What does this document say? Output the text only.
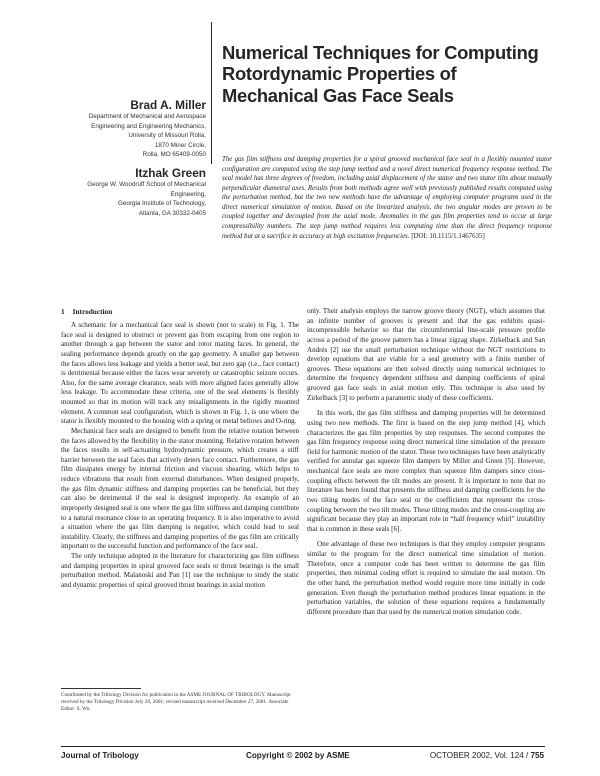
Numerical Techniques for Computing Rotordynamic Properties of Mechanical Gas Face Seals
Brad A. Miller
Department of Mechanical and Aerospace
Engineering and Engineering Mechanics,
University of Missouri Rolla,
1870 Miner Circle,
Rolla, MO 65409-0050
Itzhak Green
George W. Woodruff School of Mechanical
Engineering,
Georgia Institute of Technology,
Atlanta, GA 30332-0405
The gas film stiffness and damping properties for a spiral grooved mechanical face seal in a flexibly mounted stator configuration are computed using the step jump method and a novel direct numerical frequency response method. The seal model has three degrees of freedom, including axial displacement of the stator and two stator tilts about mutually perpendicular diametral axes. Results from both methods agree well with previously published results computed using the perturbation method, but the two new methods have the advantage of employing computer programs used in the direct numerical simulation of motion. Based on the linearized analysis, the two angular modes are proven to be coupled together and decoupled from the axial mode. Anomalies in the gas film properties tend to occur at large compressibility numbers. The step jump method requires less computing time than the direct frequency response method but at a sacrifice in accuracy at high excitation frequencies. [DOI: 10.1115/1.1467635]
1 Introduction

A schematic for a mechanical face seal is shown (not to scale) in Fig. 1. The face seal is designed to obstruct or prevent gas from escaping from one region to another through a gap between the stator and rotor mating faces. In general, the sealing performance depends greatly on the gap geometry. A smaller gap between the faces allows less leakage and yields a better seal, but zero gap (i.e., face contact) is detrimental because either the faces wear severely or catastrophic seizure occurs. Also, for the same average clearance, seals with more aligned faces generally allow less leakage. To accommodate these criteria, one of the seal elements is flexibly mounted so that its motion will track any misalignments in the rigidly mounted element. A common seal configuration, which is shown in Fig. 1, is one where the stator is flexibly mounted to the housing with a spring or metal bellows and O-ring.

Mechanical face seals are designed to benefit from the relative rotation between the faces allowed by the flexibility in the stator mounting. Relative rotation between the faces results in self-actuating hydrodynamic pressure, which creates a stiff barrier between the seal faces that actively deters face contact. Furthermore, the gas film dissipates energy by internal friction and viscous shearing, which helps to reduce vibrations that result from external disturbances. When designed properly, the gas film dynamic stiffness and damping properties can be beneficial, but they can also be detrimental if the seal is designed improperly. An example of an improperly designed seal is one where the gas film stiffness and damping contribute to a natural resonance close to an operating frequency. It is also imperative to avoid a situation where the gas film damping is negative, which could lead to seal instability. Clearly, the stiffness and damping properties of the gas film are critically important to the successful function and performance of the face seal.

The only technique adopted in the literature for characterizing gas film stiffness and damping properties in spiral grooved face seals or thrust bearings is the small perturbation method. Malanoski and Pan [1] use the technique to study the static and dynamic properties of spiral grooved thrust bearings in axial motion

only. Their analysis employs the narrow groove theory (NGT), which assumes that an infinite number of grooves is present and that the gas exhibits quasi-incompressible behavior so that the circumferential line-scale pressure profile across a period of the groove pattern has a linear zigzag shape. Zirkelback and San Andrés [2] use the small perturbation technique without the NGT restrictions to develop equations that are viable for a seal geometry with a finite number of grooves. These equations are then solved directly using numerical techniques to determine the frequency dependent stiffness and damping coefficients of spiral grooved gas face seals in axial motion only. This technique is also used by Zirkelback [3] to perform a parametric study of these coefficients.

In this work, the gas film stiffness and damping properties will be determined using two new methods. The first is based on the step jump method [4], which characterizes the gas film properties by step responses. The second computes the gas film frequency response using direct numerical time simulation of the pressure field for harmonic motion of the stator. These two techniques have been analytically verified for annular gas squeeze film dampers by Miller and Green [5]. However, mechanical face seals are more complex than squeeze film dampers since cross-coupling effects between the tilt modes are present. It is important to note that no literature has been found that presents the stiffness and damping coefficients for the two tilting modes of the face seal or the coefficients that represent the cross-coupling between the two tilt modes. These tilting modes and the cross-coupling are significant because they play an important role in “half frequency whirl” instability that is common in these seals [6].

One advantage of these two techniques is that they employ computer programs similar to the program for the direct numerical time simulation of motion. Therefore, once a computer code has been written to determine the gas film properties, then minimal coding effort is required to simulate the seal motion. On the other hand, the perturbation method would require more time initially in code generation. Even though the perturbation method produces linear equations in the perturbation variables, the solution of these equations requires a fundamentally different procedure than that used by the numerical motion simulation code.

Contributed by the Tribology Division for publication in the ASME JOURNAL OF TRIBOLOGY. Manuscript received by the Tribology Division July 20, 2001; revised manuscript received December 27, 2001. Associate Editor: S. Wu.
Journal of Tribology	Copyright © 2002 by ASME	OCTOBER 2002, Vol. 124 / 755
